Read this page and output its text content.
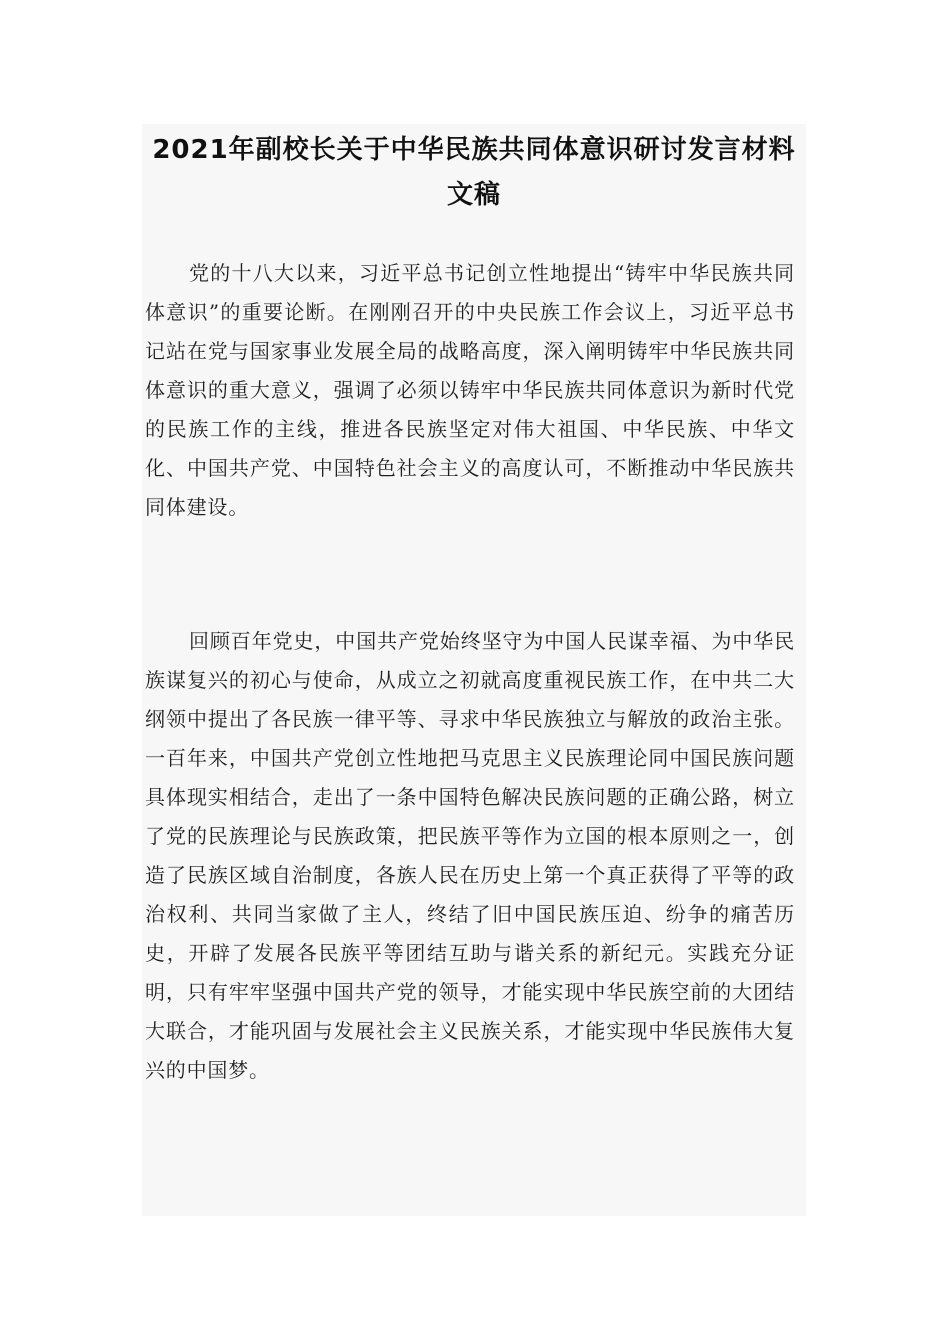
2021年副校长关于中华民族共同体意识研讨发言材料文稿

党的十八大以来，习近平总书记创立性地提出“铸牢中华民族共同体意识”的重要论断。在刚刚召开的中央民族工作会议上，习近平总书记站在党与国家事业发展全局的战略高度，深入阐明铸牢中华民族共同体意识的重大意义，强调了必须以铸牢中华民族共同体意识为新时代党的民族工作的主线，推进各民族坚定对伟大祖国、中华民族、中华文化、中国共产党、中国特色社会主义的高度认可，不断推动中华民族共同体建设。

回顾百年党史，中国共产党始终坚守为中国人民谋幸福、为中华民族谋复兴的初心与使命，从成立之初就高度重视民族工作，在中共二大纲领中提出了各民族一律平等、寻求中华民族独立与解放的政治主张。一百年来，中国共产党创立性地把马克思主义民族理论同中国民族问题具体现实相结合，走出了一条中国特色解决民族问题的正确公路，树立了党的民族理论与民族政策，把民族平等作为立国的根本原则之一，创造了民族区域自治制度，各族人民在历史上第一个真正获得了平等的政治权利、共同当家做了主人，终结了旧中国民族压迫、纷争的痛苦历史，开辟了发展各民族平等团结互助与谐关系的新纪元。实践充分证明，只有牢牢坚强中国共产党的领导，才能实现中华民族空前的大团结大联合，才能巩固与发展社会主义民族关系，才能实现中华民族伟大复兴的中国梦。
